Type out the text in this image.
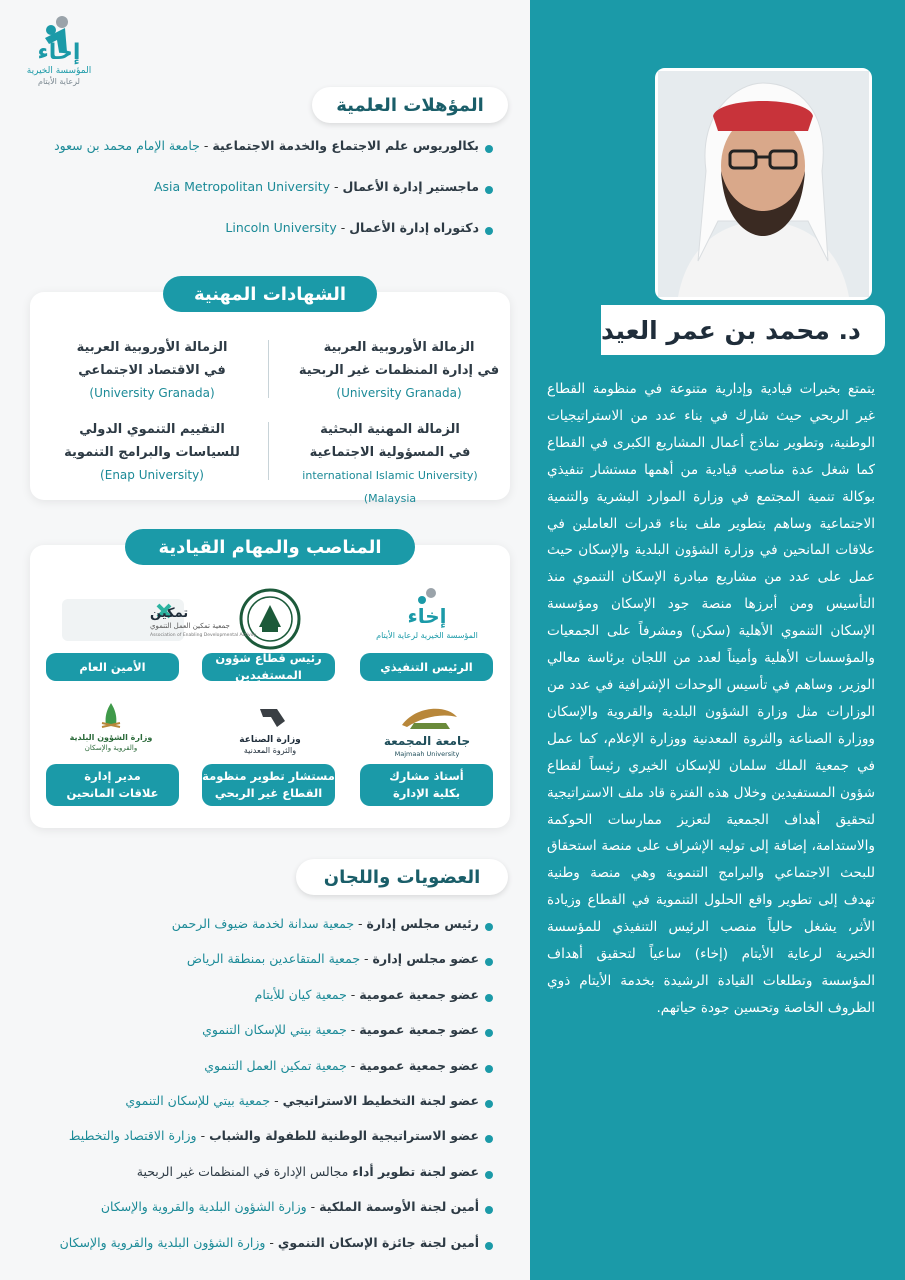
د. محمد بن عمر العيد
يتمتع بخبرات قيادية وإدارية متنوعة في منظومة القطاع غير الربحي حيث شارك في بناء عدد من الاستراتيجيات الوطنية، وتطوير نماذج أعمال المشاريع الكبرى في القطاع كما شغل عدة مناصب قيادية من أهمها مستشار تنفيذي بوكالة تنمية المجتمع في وزارة الموارد البشرية والتنمية الاجتماعية وساهم بتطوير ملف بناء قدرات العاملين في علاقات المانحين في وزارة الشؤون البلدية والإسكان حيث عمل على عدد من مشاريع مبادرة الإسكان التنموي منذ التأسيس ومن أبرزها منصة جود الإسكان ومؤسسة الإسكان التنموي الأهلية (سكن) ومشرفاً على الجمعيات والمؤسسات الأهلية وأميناً لعدد من اللجان برئاسة معالي الوزير، وساهم في تأسيس الوحدات الإشرافية في عدد من الوزارات مثل وزارة الشؤون البلدية والقروية والإسكان ووزارة الصناعة والثروة المعدنية ووزارة الإعلام، كما عمل في جمعية الملك سلمان للإسكان الخيري رئيساً لقطاع شؤون المستفيدين وخلال هذه الفترة قاد ملف الاستراتيجية لتحقيق أهداف الجمعية لتعزيز ممارسات الحوكمة والاستدامة، إضافة إلى توليه الإشراف على منصة استحقاق للبحث الاجتماعي والبرامج التنموية وهي منصة وطنية تهدف إلى تطوير واقع الحلول التنموية في القطاع وزيادة الأثر، يشغل حالياً منصب الرئيس التنفيذي للمؤسسة الخيرية لرعاية الأيتام (إخاء) ساعياً لتحقيق أهداف المؤسسة وتطلعات القيادة الرشيدة بخدمة الأيتام ذوي الظروف الخاصة وتحسين جودة حياتهم.
إخاء
المؤسسة الخيرية
لرعاية الأيتام
المؤهلات العلمية
بكالوريوس علم الاجتماع والخدمة الاجتماعية - جامعة الإمام محمد بن سعود
ماجستير إدارة الأعمال - Asia Metropolitan University
دكتوراه إدارة الأعمال - Lincoln University
الزمالة الأوروبية العربية
في إدارة المنظمات غير الربحية
(University Granada)
الزمالة الأوروبية العربية
في الاقتصاد الاجتماعي
(University Granada)
الزمالة المهنية البحثية
في المسؤولية الاجتماعية
(international Islamic University Malaysia)
التقييم التنموي الدولي
للسياسات والبرامج التنموية
(Enap University)
الشهادات المهنية
إخاء
المؤسسة الخيرية لرعاية الأيتام
تمكين
جمعية تمكين العمل التنموي
Association of Enabling Developmental Activity
الرئيس التنفيذي
رئيس قطاع شؤون المستفيدين
الأمين العام
جامعة المجمعة
Majmaah University
وزارة الصناعة
والثروة المعدنية
وزارة الشؤون البلدية
والقروية والإسكان
أستاذ مشارك
بكلية الإدارة
مستشار تطوير منظومة
القطاع غير الربحي
مدير إدارة
علاقات المانحين
المناصب والمهام القيادية
العضويات واللجان
رئيس مجلس إدارة - جمعية سدانة لخدمة ضيوف الرحمن
عضو مجلس إدارة - جمعية المتقاعدين بمنطقة الرياض
عضو جمعية عمومية - جمعية كيان للأيتام
عضو جمعية عمومية - جمعية بيتي للإسكان التنموي
عضو جمعية عمومية - جمعية تمكين العمل التنموي
عضو لجنة التخطيط الاستراتيجي - جمعية بيتي للإسكان التنموي
عضو الاستراتيجية الوطنية للطفولة والشباب - وزارة الاقتصاد والتخطيط
عضو لجنة تطوير أداء مجالس الإدارة في المنظمات غير الربحية
أمين لجنة الأوسمة الملكية - وزارة الشؤون البلدية والقروية والإسكان
أمين لجنة جائزة الإسكان التنموي - وزارة الشؤون البلدية والقروية والإسكان
